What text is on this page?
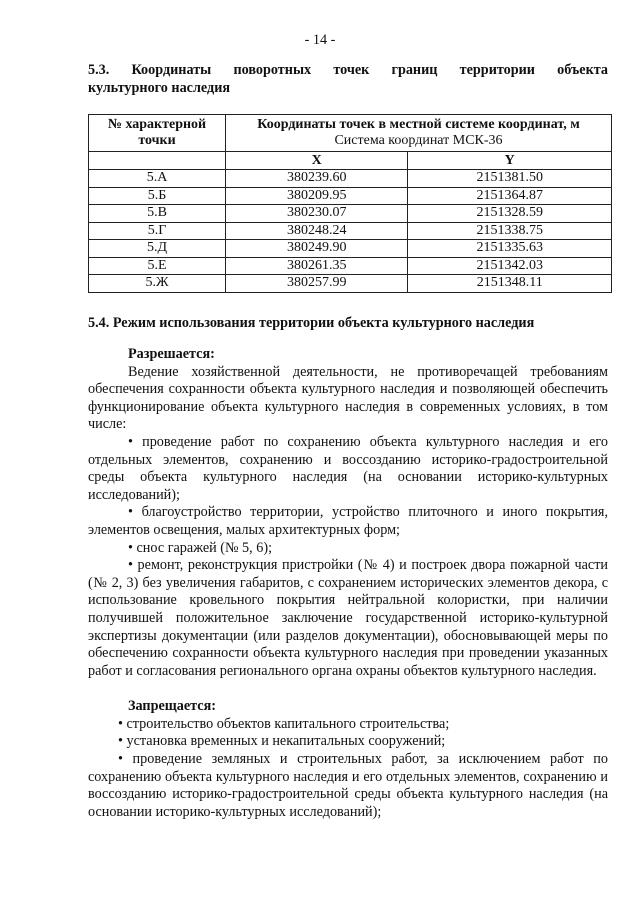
- 14 -
5.3. Координаты поворотных точек границ территории объекта
культурного наследия
№ характерной точки	Координаты точек в местной системе координат, м
Система координат МСК-36	

	X	Y
5.А	380239.60	2151381.50
5.Б	380209.95	2151364.87
5.В	380230.07	2151328.59
5.Г	380248.24	2151338.75
5.Д	380249.90	2151335.63
5.Е	380261.35	2151342.03
5.Ж	380257.99	2151348.11
5.4. Режим использования территории объекта культурного наследия

Разрешается:

Ведение хозяйственной деятельности, не противоречащей требованиям обеспечения сохранности объекта культурного наследия и позволяющей обеспечить функционирование объекта культурного наследия в современных условиях, в том числе:

• проведение работ по сохранению объекта культурного наследия и его отдельных элементов, сохранению и воссозданию историко-градостроительной среды объекта культурного наследия (на основании историко-культурных исследований);

• благоустройство территории, устройство плиточного и иного покрытия, элементов освещения, малых архитектурных форм;

• снос гаражей (№ 5, 6);

• ремонт, реконструкция пристройки (№ 4) и построек двора пожарной части (№ 2, 3) без увеличения габаритов, с сохранением исторических элементов декора, с использование кровельного покрытия нейтральной колористки, при наличии получившей положительное заключение государственной историко-культурной экспертизы документации (или разделов документации), обосновывающей меры по обеспечению сохранности объекта культурного наследия при проведении указанных работ и согласования регионального органа охраны объектов культурного наследия.

Запрещается:

• строительство объектов капитального строительства;

• установка временных и некапитальных сооружений;

• проведение земляных и строительных работ, за исключением работ по сохранению объекта культурного наследия и его отдельных элементов, сохранению и воссозданию историко-градостроительной среды объекта культурного наследия (на основании историко-культурных исследований);
